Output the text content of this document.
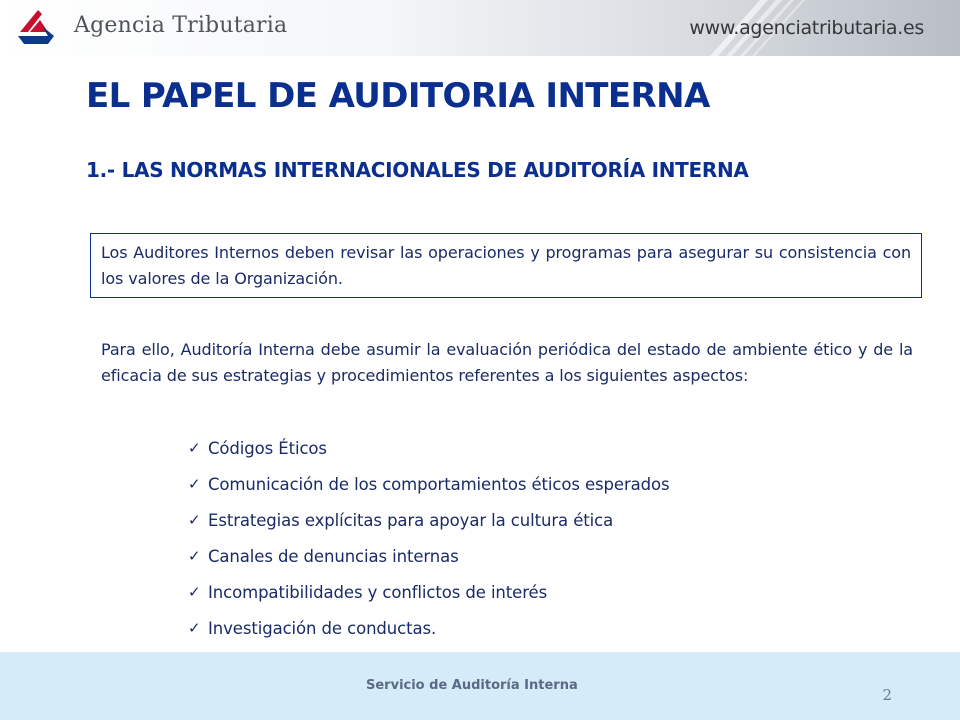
Agencia Tributaria	www.agenciatributaria.es
EL PAPEL DE AUDITORIA INTERNA
1.- LAS NORMAS INTERNACIONALES DE AUDITORÍA INTERNA
Los Auditores Internos deben revisar las operaciones y programas para asegurar su consistencia con los valores de la Organización.

Para ello, Auditoría Interna debe asumir la evaluación periódica del estado de ambiente ético y de la eficacia de sus estrategias y procedimientos referentes a los siguientes aspectos:

✓ Códigos Éticos
✓ Comunicación de los comportamientos éticos esperados
✓ Estrategias explícitas para apoyar la cultura ética
✓ Canales de denuncias internas
✓ Incompatibilidades y conflictos de interés
✓ Investigación de conductas.
Servicio de Auditoría Interna
2
